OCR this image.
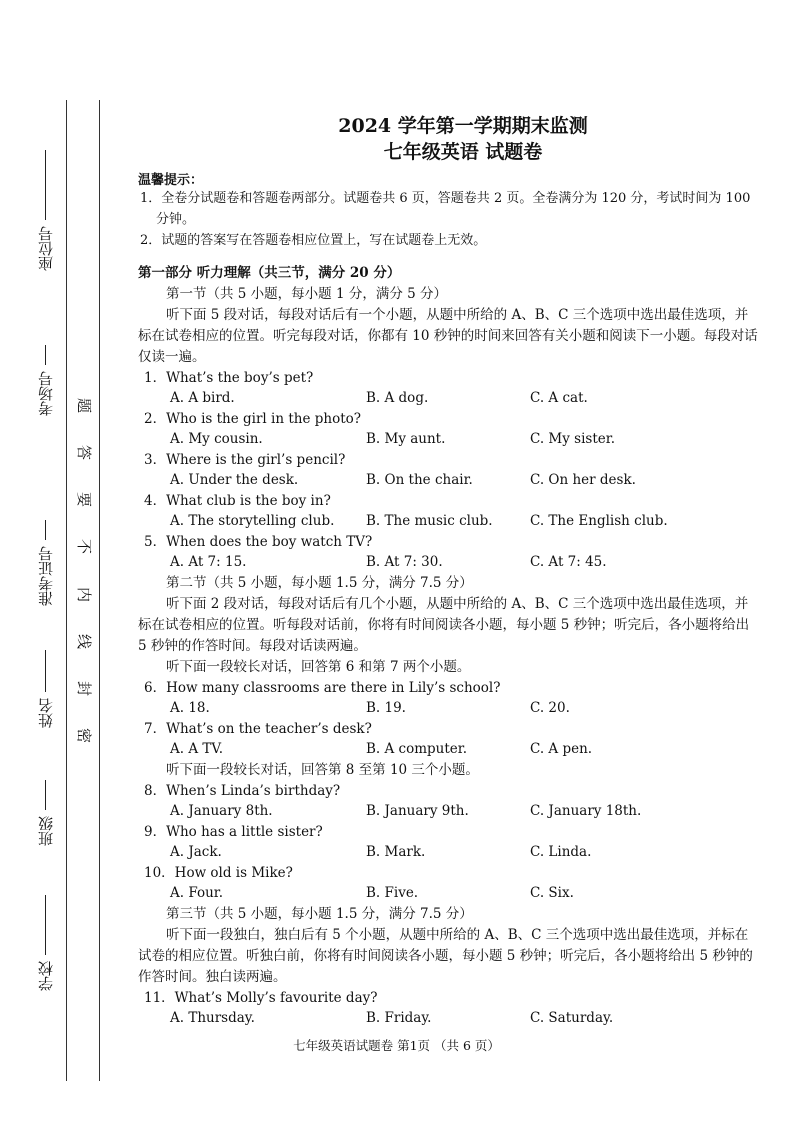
座位号
考场号
准考证号
姓名
班级
学校
题
答
要
不
内
线
封
密
2024 学年第一学期期末监测
七年级英语 试题卷
温馨提示：
1．全卷分试题卷和答题卷两部分。试题卷共 6 页，答题卷共 2 页。全卷满分为 120 分，考试时间为 100 分钟。
2．试题的答案写在答题卷相应位置上，写在试题卷上无效。
第一部分 听力理解（共三节，满分 20 分）
第一节（共 5 小题，每小题 1 分，满分 5 分）
听下面 5 段对话，每段对话后有一个小题，从题中所给的 A、B、C 三个选项中选出最佳选项，并标在试卷相应的位置。听完每段对话，你都有 10 秒钟的时间来回答有关小题和阅读下一小题。每段对话仅读一遍。
1．What’s the boy’s pet?
A. A bird.	B. A dog.	C. A cat.
2．Who is the girl in the photo?
A. My cousin.	B. My aunt.	C. My sister.
3．Where is the girl’s pencil?
A. Under the desk.	B. On the chair.	C. On her desk.
4．What club is the boy in?
A. The storytelling club. B. The music club.	C. The English club.
5．When does the boy watch TV?
A. At 7: 15.	B. At 7: 30.	C. At 7: 45.
第二节（共 5 小题，每小题 1.5 分，满分 7.5 分）
听下面 2 段对话，每段对话后有几个小题，从题中所给的 A、B、C 三个选项中选出最佳选项，并标在试卷相应的位置。听每段对话前，你将有时间阅读各小题，每小题 5 秒钟；听完后，各小题将给出 5 秒钟的作答时间。每段对话读两遍。
听下面一段较长对话，回答第 6 和第 7 两个小题。
6．How many classrooms are there in Lily’s school?
A. 18.	B. 19.	C. 20.
7．What’s on the teacher’s desk?
A. A TV.	B. A computer.	C. A pen.
听下面一段较长对话，回答第 8 至第 10 三个小题。
8．When’s Linda’s birthday?
A. January 8th.	B. January 9th.	C. January 18th.
9．Who has a little sister?
A. Jack.	B. Mark.	C. Linda.
10．How old is Mike?
A. Four.	B. Five.	C. Six.
第三节（共 5 小题，每小题 1.5 分，满分 7.5 分）
听下面一段独白，独白后有 5 个小题，从题中所给的 A、B、C 三个选项中选出最佳选项，并标在试卷的相应位置。听独白前，你将有时间阅读各小题，每小题 5 秒钟；听完后，各小题将给出 5 秒钟的作答时间。独白读两遍。
11．What’s Molly’s favourite day?
A. Thursday.	B. Friday.	C. Saturday.
七年级英语试题卷 第1页 （共 6 页）
